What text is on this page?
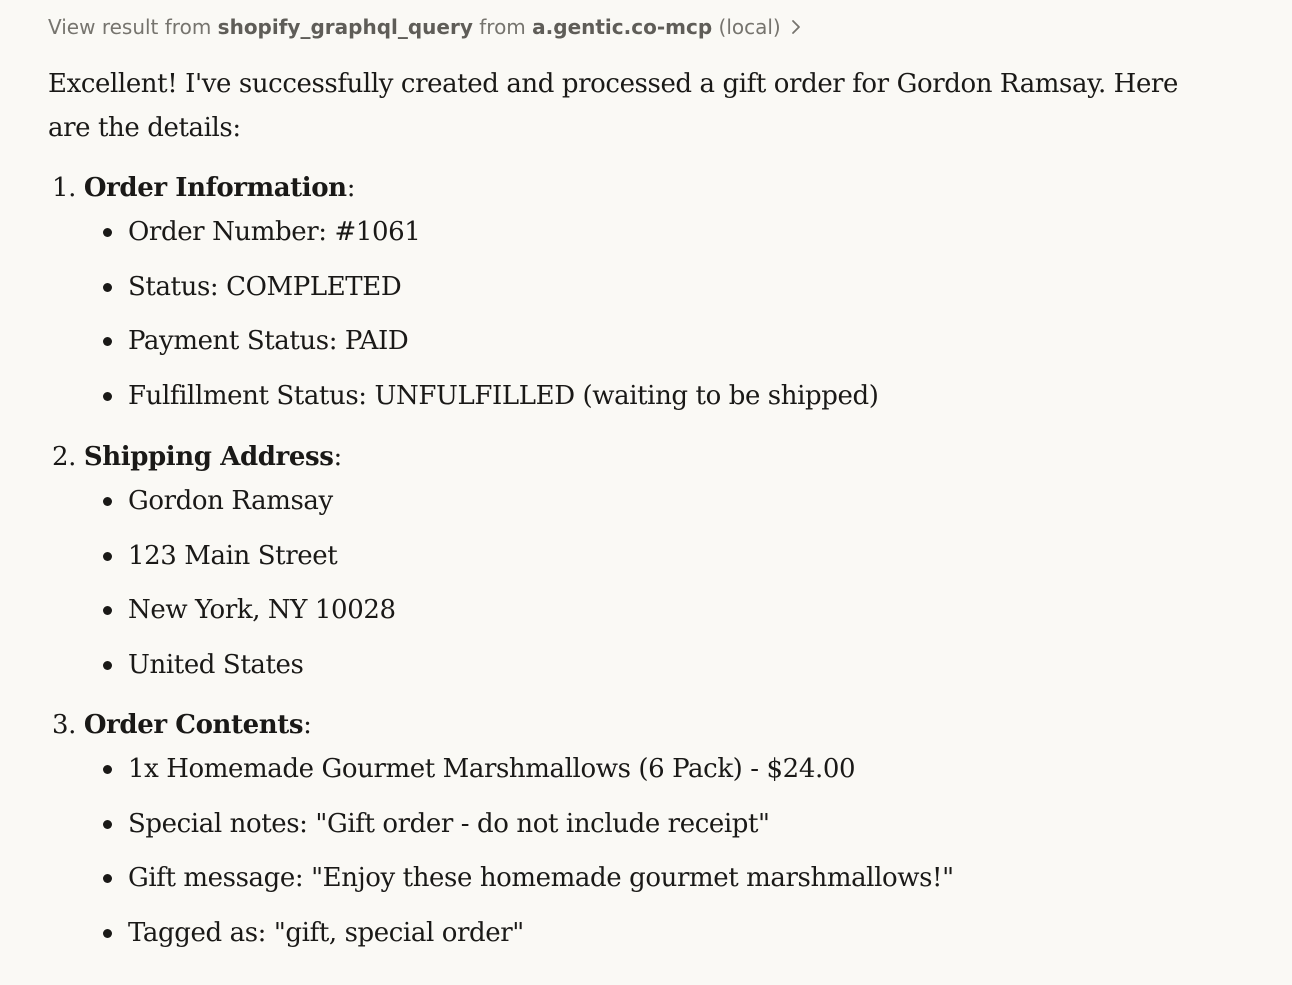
View result from
shopify_graphql_query
from
a.gentic.co-mcp
(local)

Excellent! I've successfully created and processed a gift order for Gordon Ramsay. Here are the details:

1. Order Information:
Order Number: #1061
Status: COMPLETED
Payment Status: PAID
Fulfillment Status: UNFULFILLED (waiting to be shipped)
2. Shipping Address:
Gordon Ramsay
123 Main Street
New York, NY 10028
United States
3. Order Contents:
1x Homemade Gourmet Marshmallows (6 Pack) - $24.00
Special notes: "Gift order - do not include receipt"
Gift message: "Enjoy these homemade gourmet marshmallows!"
Tagged as: "gift, special order"
